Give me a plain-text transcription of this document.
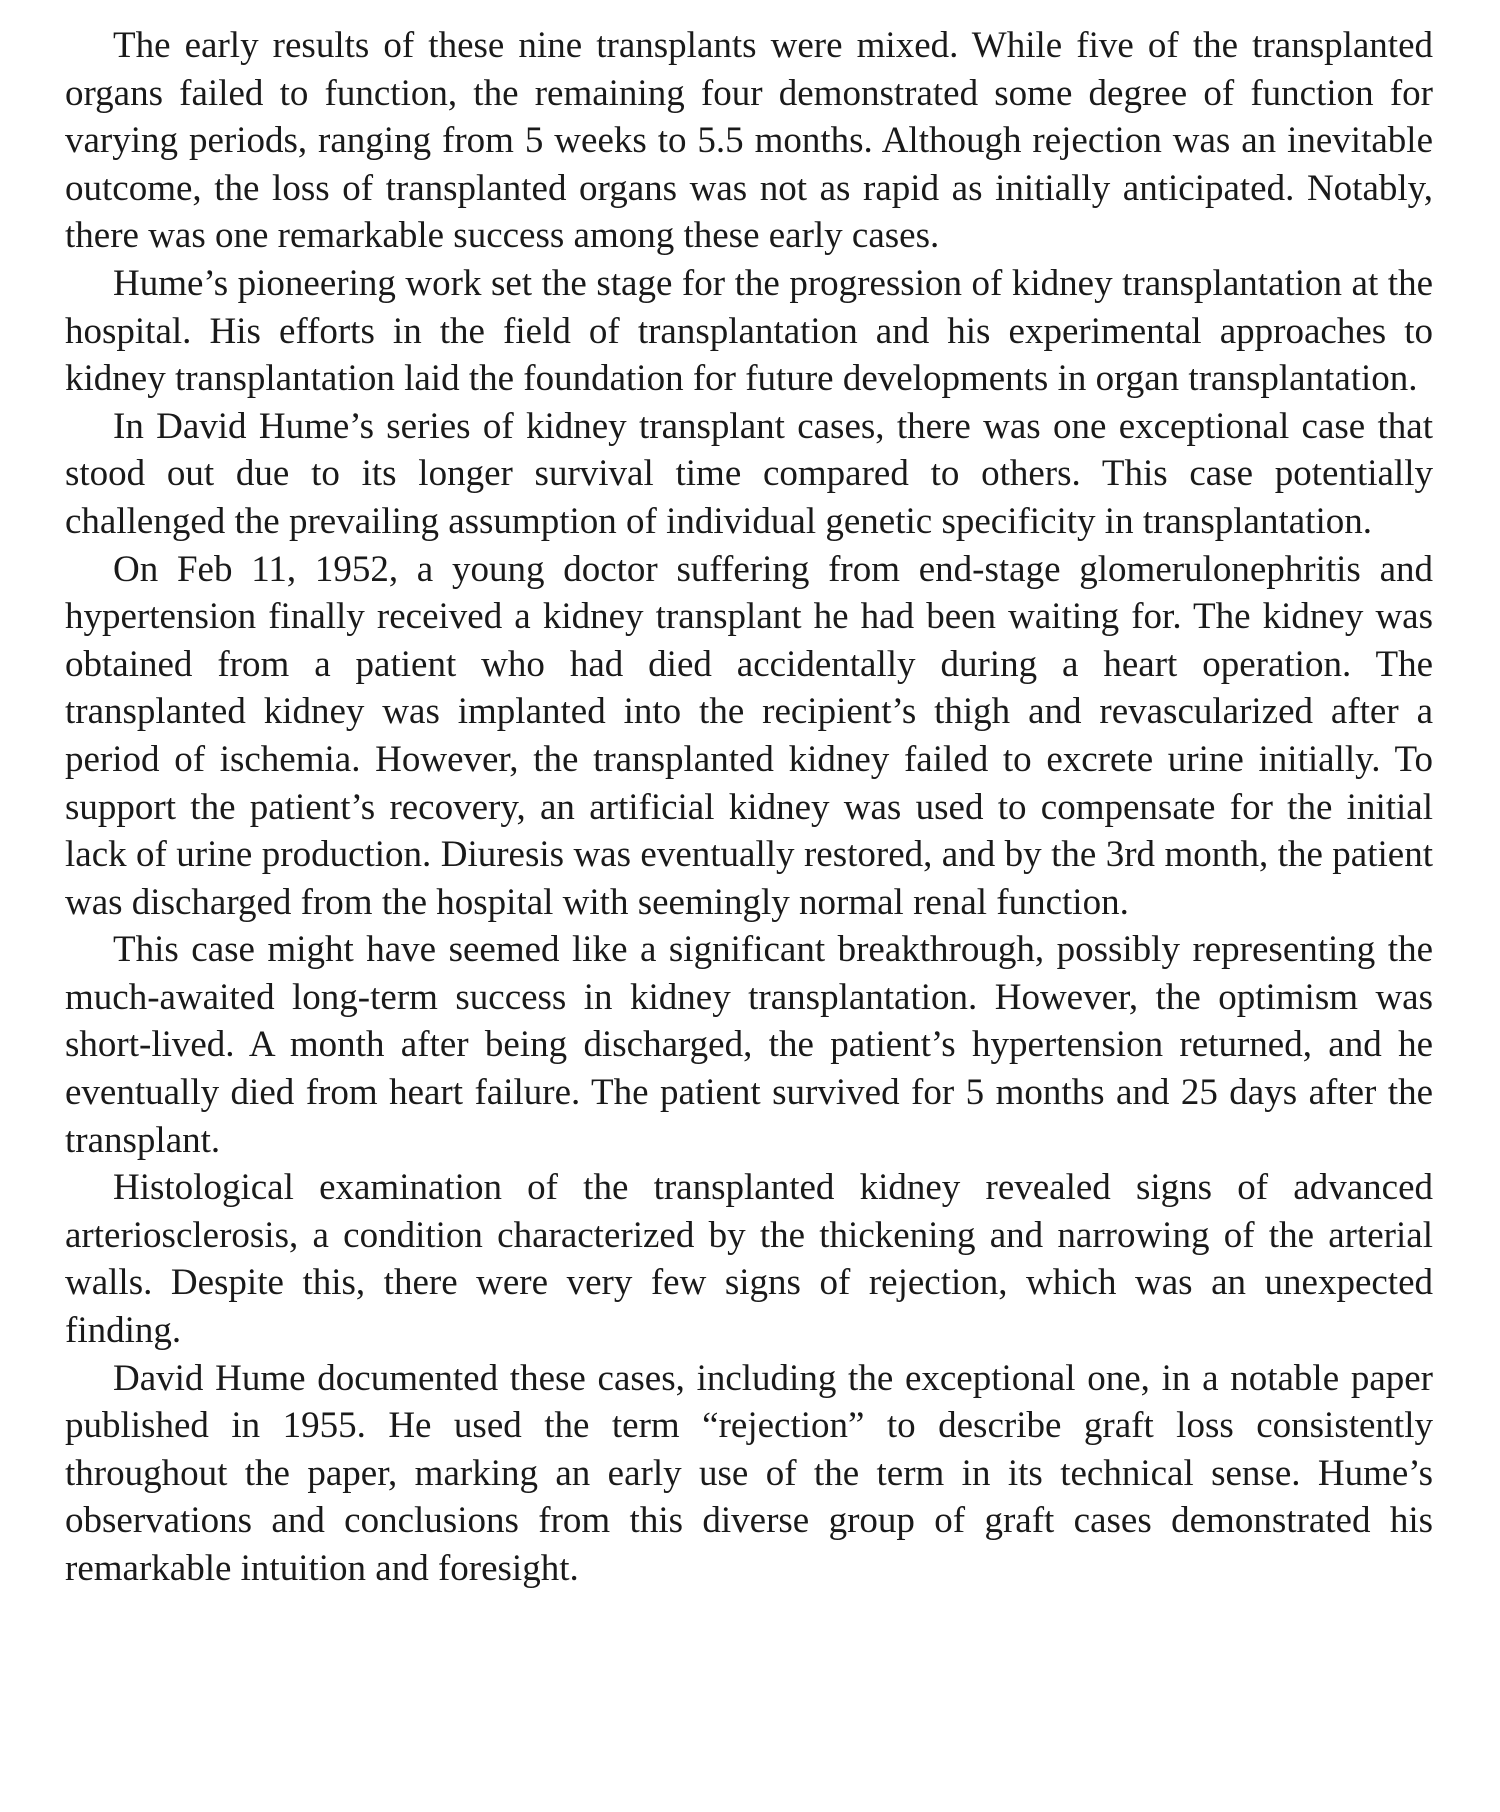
The early results of these nine transplants were mixed. While five of the transplanted organs failed to function, the remaining four demonstrated some degree of function for varying periods, ranging from 5 weeks to 5.5 months. Although rejection was an inevitable outcome, the loss of transplanted organs was not as rapid as initially anticipated. Notably, there was one remarkable success among these early cases.

Hume’s pioneering work set the stage for the progression of kidney transplantation at the hospital. His efforts in the field of transplantation and his experimental approaches to kidney transplantation laid the foundation for future developments in organ transplantation.

In David Hume’s series of kidney transplant cases, there was one exceptional case that stood out due to its longer survival time compared to others. This case potentially challenged the prevailing assumption of individual genetic specificity in transplantation.

On Feb 11, 1952, a young doctor suffering from end-stage glomerulonephritis and hypertension finally received a kidney transplant he had been waiting for. The kidney was obtained from a patient who had died accidentally during a heart operation. The transplanted kidney was implanted into the recipient’s thigh and revascularized after a period of ischemia. However, the transplanted kidney failed to excrete urine initially. To support the patient’s recovery, an artificial kidney was used to compensate for the initial lack of urine production. Diuresis was eventually restored, and by the 3rd month, the patient was discharged from the hospital with seemingly normal renal function.

This case might have seemed like a significant breakthrough, possibly representing the much-awaited long-term success in kidney transplantation. However, the optimism was short-lived. A month after being discharged, the patient’s hypertension returned, and he eventually died from heart failure. The patient survived for 5 months and 25 days after the transplant.

Histological examination of the transplanted kidney revealed signs of advanced arteriosclerosis, a condition characterized by the thickening and narrowing of the arterial walls. Despite this, there were very few signs of rejection, which was an unexpected finding.

David Hume documented these cases, including the exceptional one, in a notable paper published in 1955. He used the term “rejection” to describe graft loss consistently throughout the paper, marking an early use of the term in its technical sense. Hume’s observations and conclusions from this diverse group of graft cases demonstrated his remarkable intuition and foresight.
